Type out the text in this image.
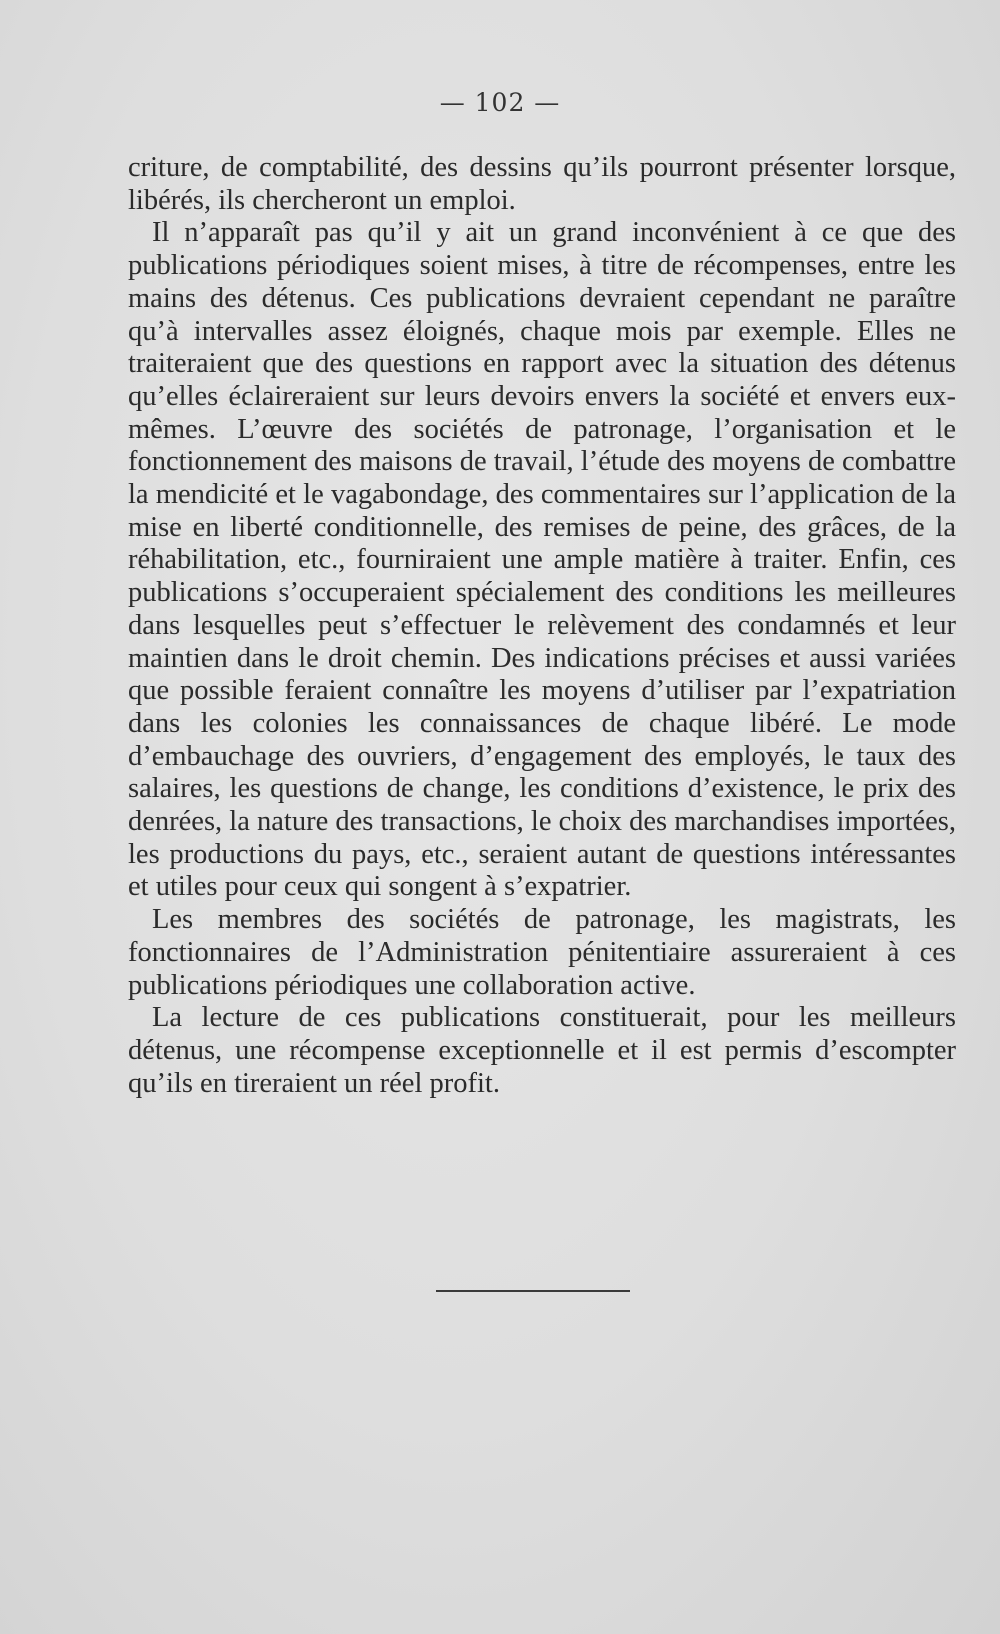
— 102 —

criture, de comptabilité, des dessins qu’ils pourront présenter lorsque, libérés, ils chercheront un emploi.

Il n’apparaît pas qu’il y ait un grand inconvénient à ce que des publications périodiques soient mises, à titre de récompenses, entre les mains des détenus. Ces publications devraient cependant ne paraître qu’à intervalles assez éloignés, chaque mois par exemple. Elles ne traiteraient que des questions en rapport avec la situation des détenus qu’elles éclaireraient sur leurs devoirs envers la société et envers eux-mêmes. L’œuvre des sociétés de patronage, l’organisation et le fonctionnement des maisons de travail, l’étude des moyens de combattre la mendicité et le vagabondage, des commentaires sur l’application de la mise en liberté conditionnelle, des remises de peine, des grâces, de la réhabilitation, etc., fourniraient une ample matière à traiter. Enfin, ces publications s’occuperaient spécialement des conditions les meilleures dans lesquelles peut s’effectuer le relèvement des condamnés et leur maintien dans le droit chemin. Des indications précises et aussi variées que possible feraient connaître les moyens d’utiliser par l’expatriation dans les colonies les connaissances de chaque libéré. Le mode d’embauchage des ouvriers, d’engagement des employés, le taux des salaires, les questions de change, les conditions d’existence, le prix des denrées, la nature des transactions, le choix des marchandises importées, les productions du pays, etc., seraient autant de questions intéressantes et utiles pour ceux qui songent à s’expatrier.

Les membres des sociétés de patronage, les magistrats, les fonctionnaires de l’Administration pénitentiaire assureraient à ces publications périodiques une collaboration active.

La lecture de ces publications constituerait, pour les meilleurs détenus, une récompense exceptionnelle et il est permis d’escompter qu’ils en tireraient un réel profit.
